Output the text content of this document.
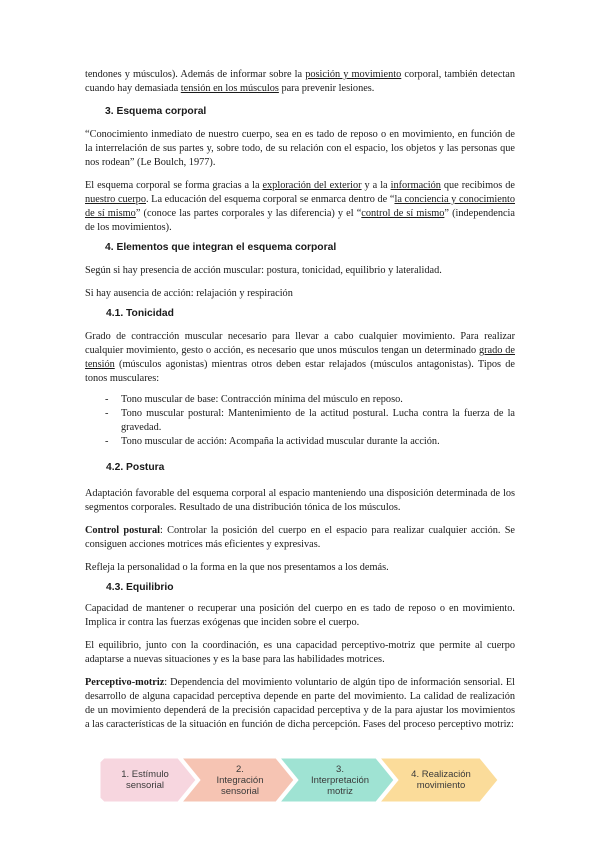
tendones y músculos). Además de informar sobre la posición y movimiento corporal, también detectan cuando hay demasiada tensión en los músculos para prevenir lesiones.

3. Esquema corporal

“Conocimiento inmediato de nuestro cuerpo, sea en es tado de reposo o en movimiento, en función de la interrelación de sus partes y, sobre todo, de su relación con el espacio, los objetos y las personas que nos rodean” (Le Boulch, 1977).

El esquema corporal se forma gracias a la exploración del exterior y a la información que recibimos de nuestro cuerpo. La educación del esquema corporal se enmarca dentro de “la conciencia y conocimiento de sí mismo” (conoce las partes corporales y las diferencia) y el “control de sí mismo” (independencia de los movimientos).

4. Elementos que integran el esquema corporal

Según si hay presencia de acción muscular: postura, tonicidad, equilibrio y lateralidad.

Si hay ausencia de acción: relajación y respiración

4.1. Tonicidad

Grado de contracción muscular necesario para llevar a cabo cualquier movimiento. Para realizar cualquier movimiento, gesto o acción, es necesario que unos músculos tengan un determinado grado de tensión (músculos agonistas) mientras otros deben estar relajados (músculos antagonistas). Tipos de tonos musculares:

- Tono muscular de base: Contracción mínima del músculo en reposo.
- Tono muscular postural: Mantenimiento de la actitud postural. Lucha contra la fuerza de la gravedad.
- Tono muscular de acción: Acompaña la actividad muscular durante la acción.
4.2. Postura

Adaptación favorable del esquema corporal al espacio manteniendo una disposición determinada de los segmentos corporales. Resultado de una distribución tónica de los músculos.

Control postural: Controlar la posición del cuerpo en el espacio para realizar cualquier acción. Se consiguen acciones motrices más eficientes y expresivas.

Refleja la personalidad o la forma en la que nos presentamos a los demás.

4.3. Equilibrio

Capacidad de mantener o recuperar una posición del cuerpo en es tado de reposo o en movimiento. Implica ir contra las fuerzas exógenas que inciden sobre el cuerpo.

El equilibrio, junto con la coordinación, es una capacidad perceptivo-motriz que permite al cuerpo adaptarse a nuevas situaciones y es la base para las habilidades motrices.

Perceptivo-motriz: Dependencia del movimiento voluntario de algún tipo de información sensorial. El desarrollo de alguna capacidad perceptiva depende en parte del movimiento. La calidad de realización de un movimiento dependerá de la precisión capacidad perceptiva y de la para ajustar los movimientos a las características de la situación en función de dicha percepción. Fases del proceso perceptivo motriz:

1. Estímulo
sensorial
2.
Integración
sensorial
3.
Interpretación
motriz
4. Realización
movimiento
